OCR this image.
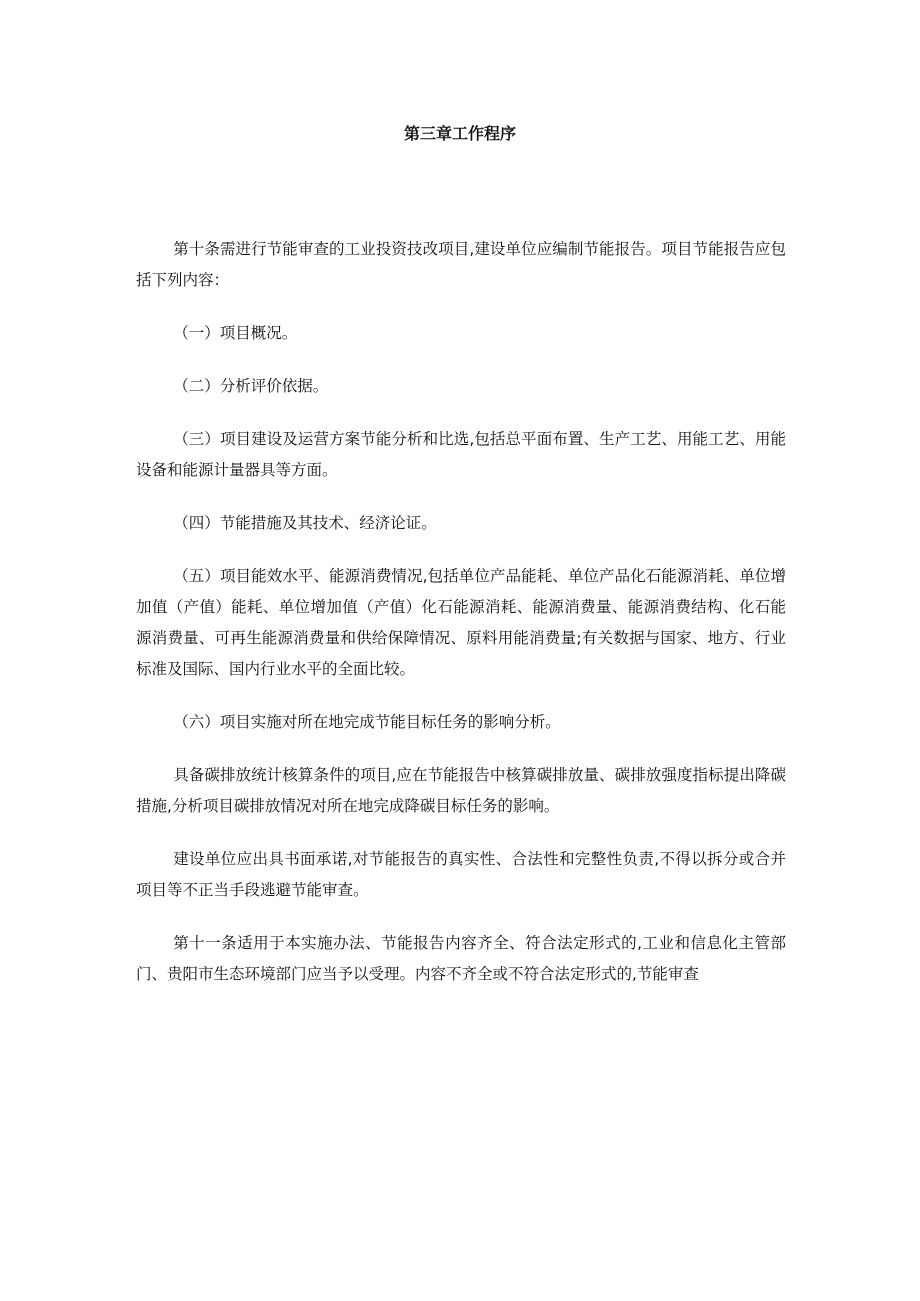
第三章工作程序

第十条需进行节能审查的工业投资技改项目,建设单位应编制节能报告。项目节能报告应包括下列内容：

（一）项目概况。

（二）分析评价依据。

（三）项目建设及运营方案节能分析和比选,包括总平面布置、生产工艺、用能工艺、用能设备和能源计量器具等方面。

（四）节能措施及其技术、经济论证。

（五）项目能效水平、能源消费情况,包括单位产品能耗、单位产品化石能源消耗、单位增加值（产值）能耗、单位增加值（产值）化石能源消耗、能源消费量、能源消费结构、化石能源消费量、可再生能源消费量和供给保障情况、原料用能消费量;有关数据与国家、地方、行业标准及国际、国内行业水平的全面比较。

（六）项目实施对所在地完成节能目标任务的影响分析。

具备碳排放统计核算条件的项目,应在节能报告中核算碳排放量、碳排放强度指标提出降碳措施,分析项目碳排放情况对所在地完成降碳目标任务的影响。

建设单位应出具书面承诺,对节能报告的真实性、合法性和完整性负责,不得以拆分或合并项目等不正当手段逃避节能审查。

第十一条适用于本实施办法、节能报告内容齐全、符合法定形式的,工业和信息化主管部门、贵阳市生态环境部门应当予以受理。内容不齐全或不符合法定形式的,节能审查
